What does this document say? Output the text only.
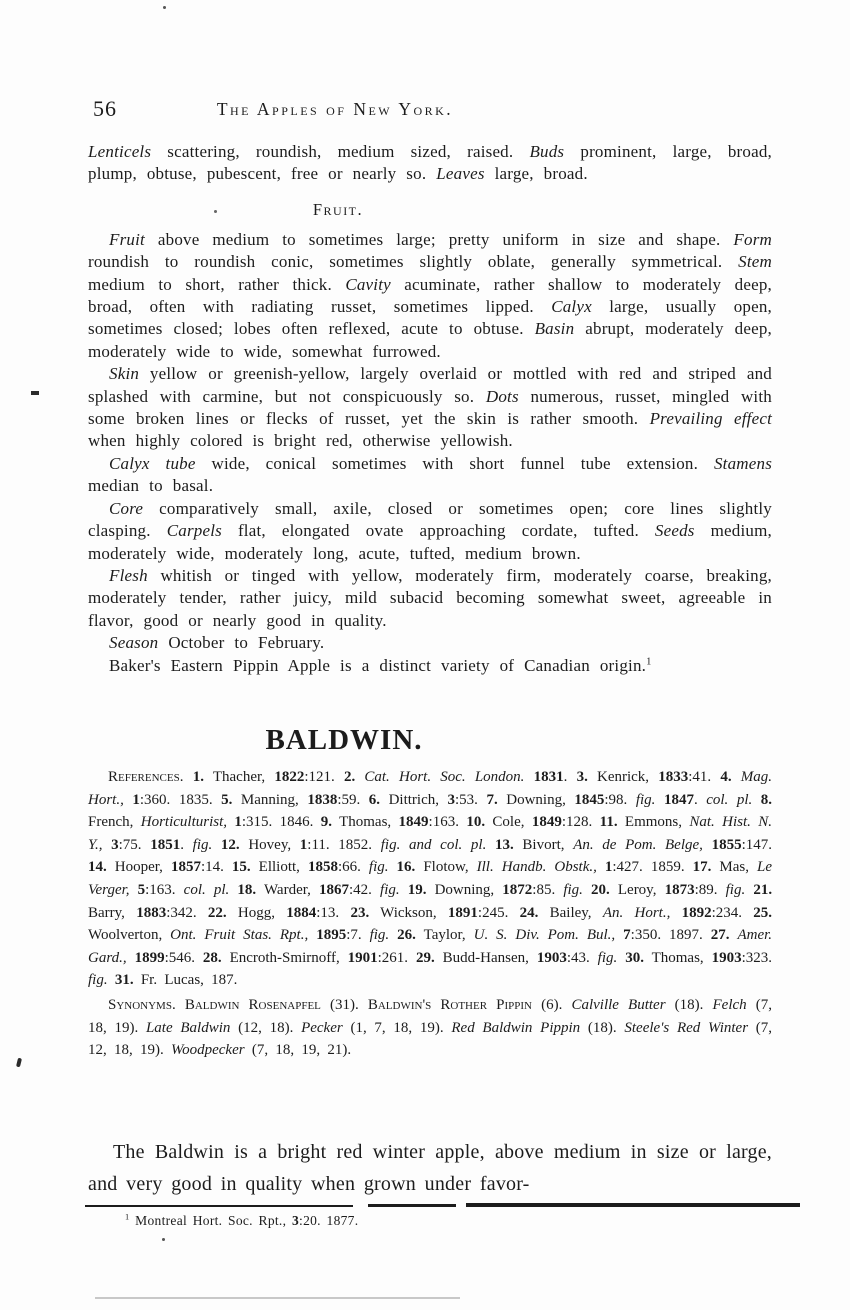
56	The Apples of New York.

Lenticels scattering, roundish, medium sized, raised. Buds prominent, large, broad, plump, obtuse, pubescent, free or nearly so. Leaves large, broad.

Fruit.

Fruit above medium to sometimes large; pretty uniform in size and shape. Form roundish to roundish conic, sometimes slightly oblate, generally symmetrical. Stem medium to short, rather thick. Cavity acuminate, rather shallow to moderately deep, broad, often with radiating russet, sometimes lipped. Calyx large, usually open, sometimes closed; lobes often reflexed, acute to obtuse. Basin abrupt, moderately deep, moderately wide to wide, somewhat furrowed.

Skin yellow or greenish-yellow, largely overlaid or mottled with red and striped and splashed with carmine, but not conspicuously so. Dots numerous, russet, mingled with some broken lines or flecks of russet, yet the skin is rather smooth. Prevailing effect when highly colored is bright red, otherwise yellowish.

Calyx tube wide, conical sometimes with short funnel tube extension. Stamens median to basal.

Core comparatively small, axile, closed or sometimes open; core lines slightly clasping. Carpels flat, elongated ovate approaching cordate, tufted. Seeds medium, moderately wide, moderately long, acute, tufted, medium brown.

Flesh whitish or tinged with yellow, moderately firm, moderately coarse, breaking, moderately tender, rather juicy, mild subacid becoming somewhat sweet, agreeable in flavor, good or nearly good in quality.

Season October to February.

Baker's Eastern Pippin Apple is a distinct variety of Canadian origin.$^1$

BALDWIN.

References. 1. Thacher, 1822:121. 2. Cat. Hort. Soc. London. 1831. 3. Kenrick, 1833:41. 4. Mag. Hort., 1:360. 1835. 5. Manning, 1838:59. 6. Dittrich, 3:53. 7. Downing, 1845:98. fig. 1847. col. pl. 8. French, Horticulturist, 1:315. 1846. 9. Thomas, 1849:163. 10. Cole, 1849:128. 11. Emmons, Nat. Hist. N. Y., 3:75. 1851. fig. 12. Hovey, 1:11. 1852. fig. and col. pl. 13. Bivort, An. de Pom. Belge, 1855:147. 14. Hooper, 1857:14. 15. Elliott, 1858:66. fig. 16. Flotow, Ill. Handb. Obstk., 1:427. 1859. 17. Mas, Le Verger, 5:163. col. pl. 18. Warder, 1867:42. fig. 19. Downing, 1872:85. fig. 20. Leroy, 1873:89. fig. 21. Barry, 1883:342. 22. Hogg, 1884:13. 23. Wickson, 1891:245. 24. Bailey, An. Hort., 1892:234. 25. Woolverton, Ont. Fruit Stas. Rpt., 1895:7. fig. 26. Taylor, U. S. Div. Pom. Bul., 7:350. 1897. 27. Amer. Gard., 1899:546. 28. Encroth-Smirnoff, 1901:261. 29. Budd-Hansen, 1903:43. fig. 30. Thomas, 1903:323. fig. 31. Fr. Lucas, 187.

Synonyms. Baldwin Rosenapfel (31). Baldwin's Rother Pippin (6). Calville Butter (18). Felch (7, 18, 19). Late Baldwin (12, 18). Pecker (1, 7, 18, 19). Red Baldwin Pippin (18). Steele's Red Winter (7, 12, 18, 19). Woodpecker (7, 18, 19, 21).

The Baldwin is a bright red winter apple, above medium in size or large, and very good in quality when grown under favor-

$^1$ Montreal Hort. Soc. Rpt., 3:20. 1877.
